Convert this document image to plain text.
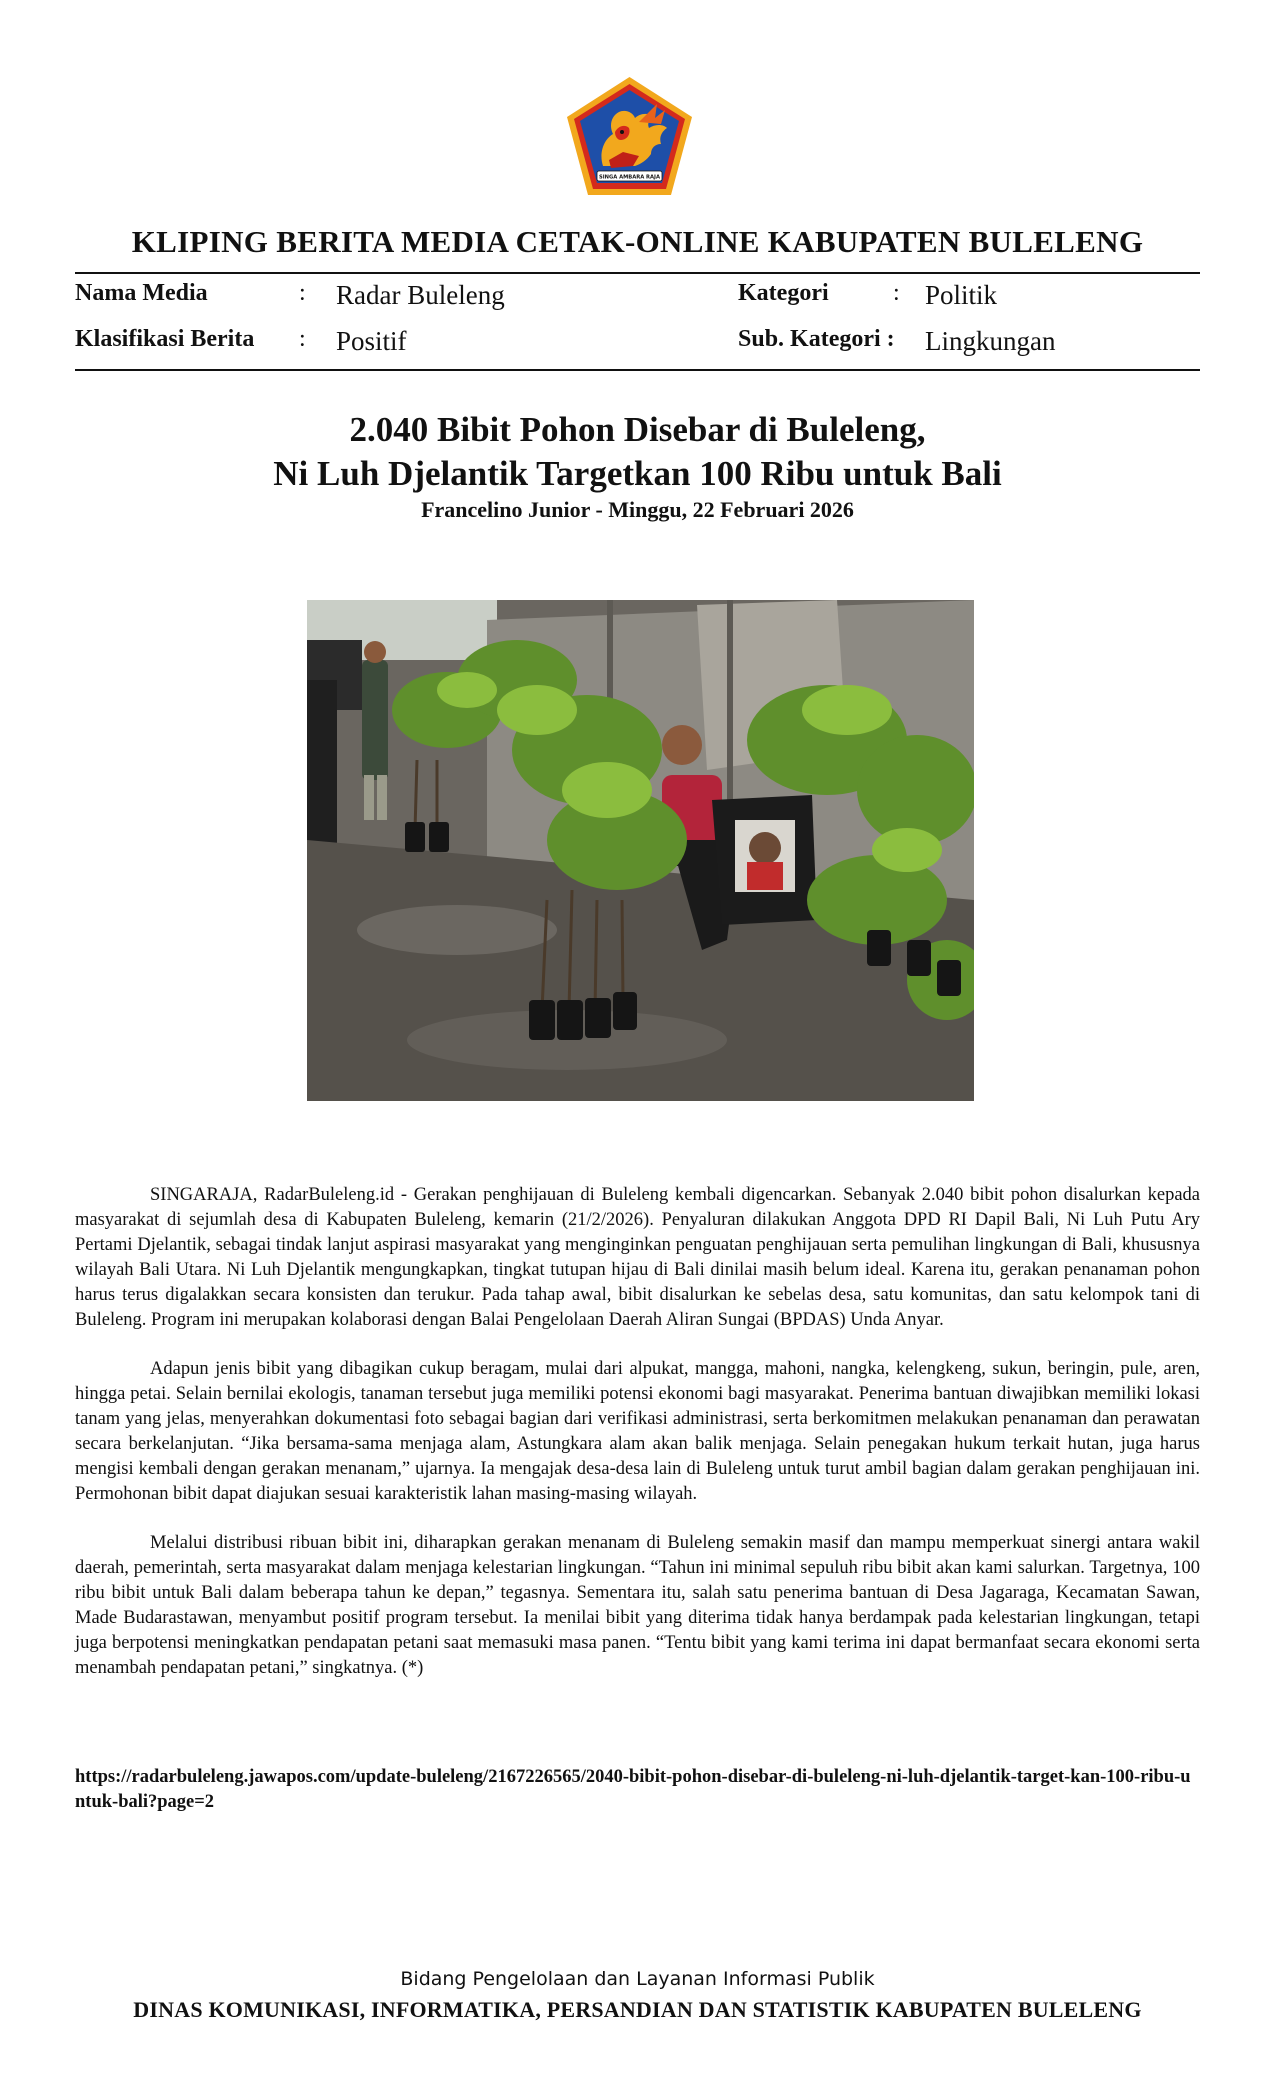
SINGA AMBARA RAJA
KLIPING BERITA MEDIA CETAK-ONLINE KABUPATEN BULELENG
Nama Media	: Radar Buleleng	Kategori	: Politik
Klasifikasi Berita : Positif	Sub. Kategori : Lingkungan
2.040 Bibit Pohon Disebar di Buleleng,
Ni Luh Djelantik Targetkan 100 Ribu untuk Bali
Francelino Junior - Minggu, 22 Februari 2026

SINGARAJA, RadarBuleleng.id - Gerakan penghijauan di Buleleng kembali digencarkan. Sebanyak 2.040 bibit pohon disalurkan kepada masyarakat di sejumlah desa di Kabupaten Buleleng, kemarin (21/2/2026). Penyaluran dilakukan Anggota DPD RI Dapil Bali, Ni Luh Putu Ary Pertami Djelantik, sebagai tindak lanjut aspirasi masyarakat yang menginginkan penguatan penghijauan serta pemulihan lingkungan di Bali, khususnya wilayah Bali Utara. Ni Luh Djelantik mengungkapkan, tingkat tutupan hijau di Bali dinilai masih belum ideal. Karena itu, gerakan penanaman pohon harus terus digalakkan secara konsisten dan terukur. Pada tahap awal, bibit disalurkan ke sebelas desa, satu komunitas, dan satu kelompok tani di Buleleng. Program ini merupakan kolaborasi dengan Balai Pengelolaan Daerah Aliran Sungai (BPDAS) Unda Anyar.

Adapun jenis bibit yang dibagikan cukup beragam, mulai dari alpukat, mangga, mahoni, nangka, kelengkeng, sukun, beringin, pule, aren, hingga petai. Selain bernilai ekologis, tanaman tersebut juga memiliki potensi ekonomi bagi masyarakat. Penerima bantuan diwajibkan memiliki lokasi tanam yang jelas, menyerahkan dokumentasi foto sebagai bagian dari verifikasi administrasi, serta berkomitmen melakukan penanaman dan perawatan secara berkelanjutan. “Jika bersama-sama menjaga alam, Astungkara alam akan balik menjaga. Selain penegakan hukum terkait hutan, juga harus mengisi kembali dengan gerakan menanam,” ujarnya. Ia mengajak desa-desa lain di Buleleng untuk turut ambil bagian dalam gerakan penghijauan ini. Permohonan bibit dapat diajukan sesuai karakteristik lahan masing-masing wilayah.

Melalui distribusi ribuan bibit ini, diharapkan gerakan menanam di Buleleng semakin masif dan mampu memperkuat sinergi antara wakil daerah, pemerintah, serta masyarakat dalam menjaga kelestarian lingkungan. “Tahun ini minimal sepuluh ribu bibit akan kami salurkan. Targetnya, 100 ribu bibit untuk Bali dalam beberapa tahun ke depan,” tegasnya. Sementara itu, salah satu penerima bantuan di Desa Jagaraga, Kecamatan Sawan, Made Budarastawan, menyambut positif program tersebut. Ia menilai bibit yang diterima tidak hanya berdampak pada kelestarian lingkungan, tetapi juga berpotensi meningkatkan pendapatan petani saat memasuki masa panen. “Tentu bibit yang kami terima ini dapat bermanfaat secara ekonomi serta menambah pendapatan petani,” singkatnya. (*)

https://radarbuleleng.jawapos.com/update-buleleng/2167226565/2040-bibit-pohon-disebar-di-buleleng-ni-luh-djelantik-target-kan-100-ribu-untuk-bali?page=2
Bidang Pengelolaan dan Layanan Informasi Publik
DINAS KOMUNIKASI, INFORMATIKA, PERSANDIAN DAN STATISTIK KABUPATEN BULELENG
